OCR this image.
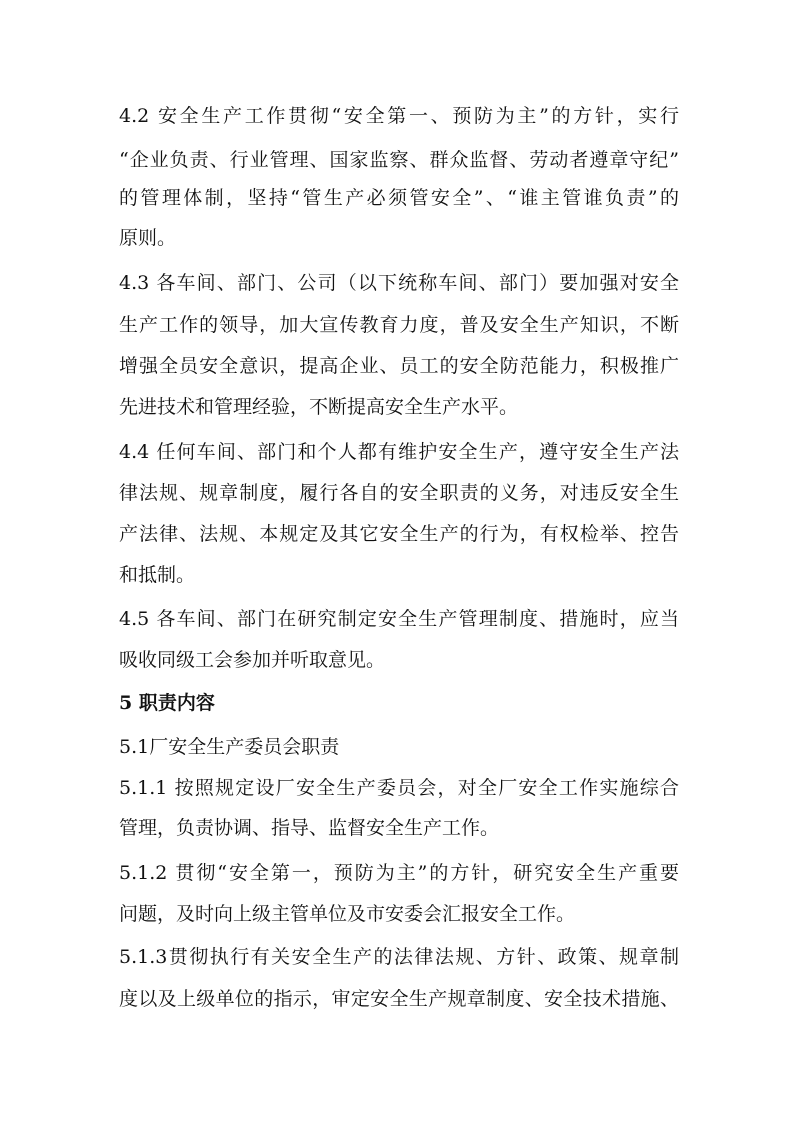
4.2 安全生产工作贯彻“安全第一、预防为主”的方针，实行
“企业负责、行业管理、国家监察、群众监督、劳动者遵章守纪”
的管理体制，坚持“管生产必须管安全”、“谁主管谁负责”的
原则。
4.3 各车间、部门、公司（以下统称车间、部门）要加强对安全
生产工作的领导，加大宣传教育力度，普及安全生产知识，不断
增强全员安全意识，提高企业、员工的安全防范能力，积极推广
先进技术和管理经验，不断提高安全生产水平。
4.4 任何车间、部门和个人都有维护安全生产，遵守安全生产法
律法规、规章制度，履行各自的安全职责的义务，对违反安全生
产法律、法规、本规定及其它安全生产的行为，有权检举、控告
和抵制。
4.5 各车间、部门在研究制定安全生产管理制度、措施时，应当
吸收同级工会参加并听取意见。
5 职责内容
5.1厂安全生产委员会职责
5.1.1 按照规定设厂安全生产委员会，对全厂安全工作实施综合
管理，负责协调、指导、监督安全生产工作。
5.1.2 贯彻“安全第一，预防为主”的方针，研究安全生产重要
问题，及时向上级主管单位及市安委会汇报安全工作。
5.1.3贯彻执行有关安全生产的法律法规、方针、政策、规章制
度以及上级单位的指示，审定安全生产规章制度、安全技术措施、
